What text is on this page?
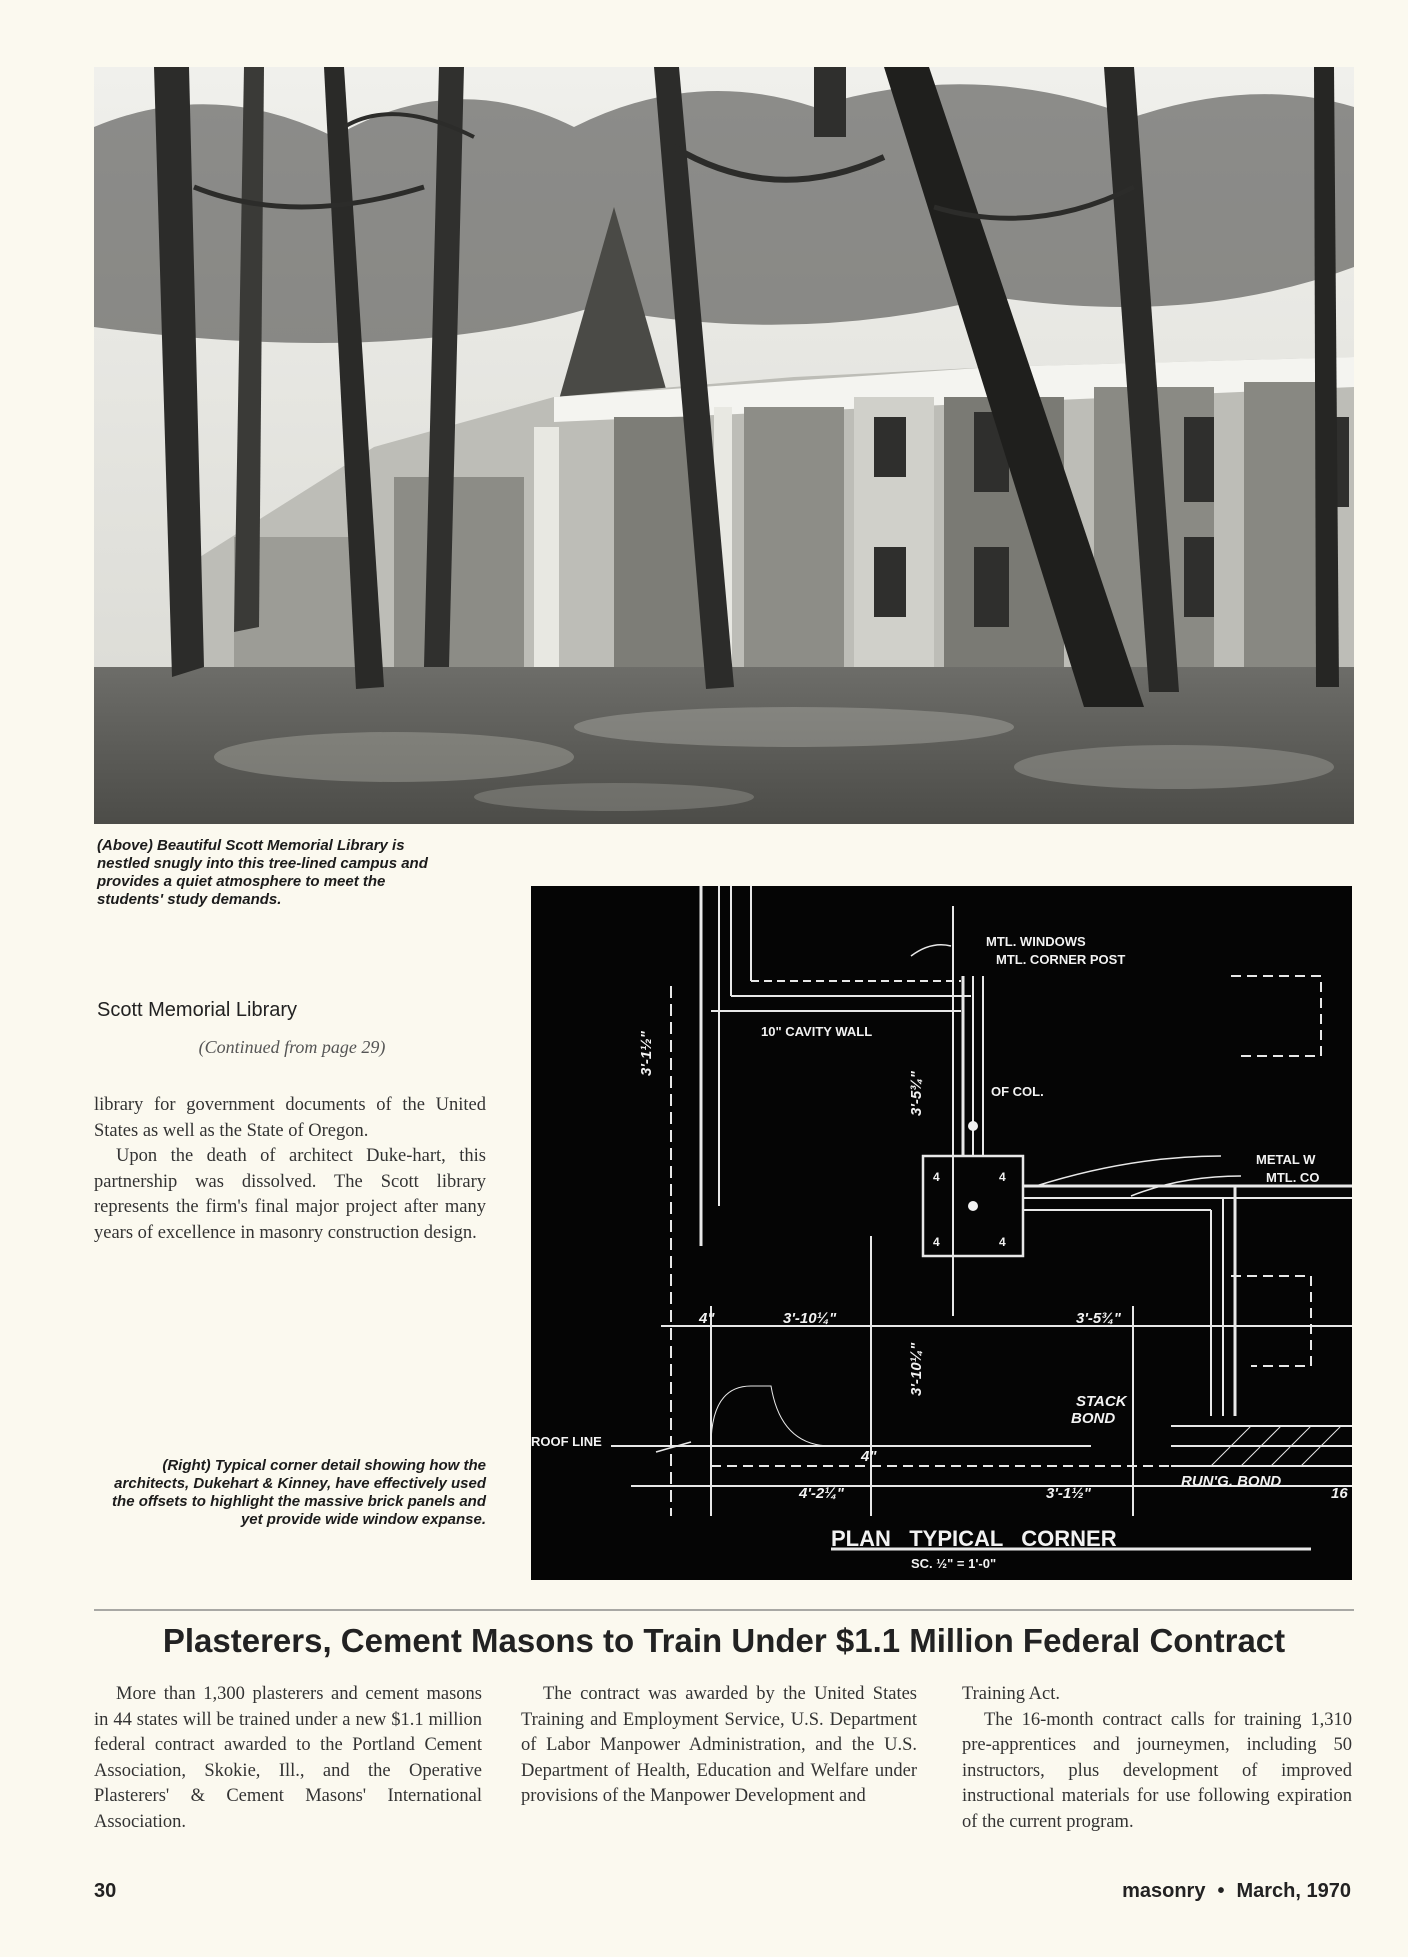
(Above) Beautiful Scott Memorial Library is nestled snugly into this tree-lined campus and provides a quiet atmosphere to meet the students' study demands.
Scott Memorial Library
(Continued from page 29)

library for government documents of the United States as well as the State of Oregon.

Upon the death of architect Duke-hart, this partnership was dissolved. The Scott library represents the firm's final major project after many years of excellence in masonry construction design.

(Right) Typical corner detail showing how the architects, Dukehart & Kinney, have effectively used the offsets to highlight the massive brick panels and yet provide wide window expanse.
4	4
4	4
MTL. WINDOWS
MTL. CORNER POST
10" CAVITY WALL
OF COL.
METAL W
MTL. CO
ROOF LINE
3'-1½"
3'-5¾"
3'-10¼"
4"	3'-10¼"	3'-5¾"
STACK
BOND
4"
4'-2¼"	3'-1½"
RUN'G. BOND
16
PLAN   TYPICAL   CORNER
SC. ½" = 1'-0"
Plasterers, Cement Masons to Train Under $1.1 Million Federal Contract

More than 1,300 plasterers and cement masons in 44 states will be trained under a new $1.1 million federal contract awarded to the Portland Cement Association, Skokie, Ill., and the Operative Plasterers' & Cement Masons' International Association.

The contract was awarded by the United States Training and Employment Service, U.S. Department of Labor Manpower Administration, and the U.S. Department of Health, Education and Welfare under provisions of the Manpower Development and

Training Act.

The 16-month contract calls for training 1,310 pre-apprentices and journeymen, including 50 instructors, plus development of improved instructional materials for use following expiration of the current program.

30	masonry • March, 1970
